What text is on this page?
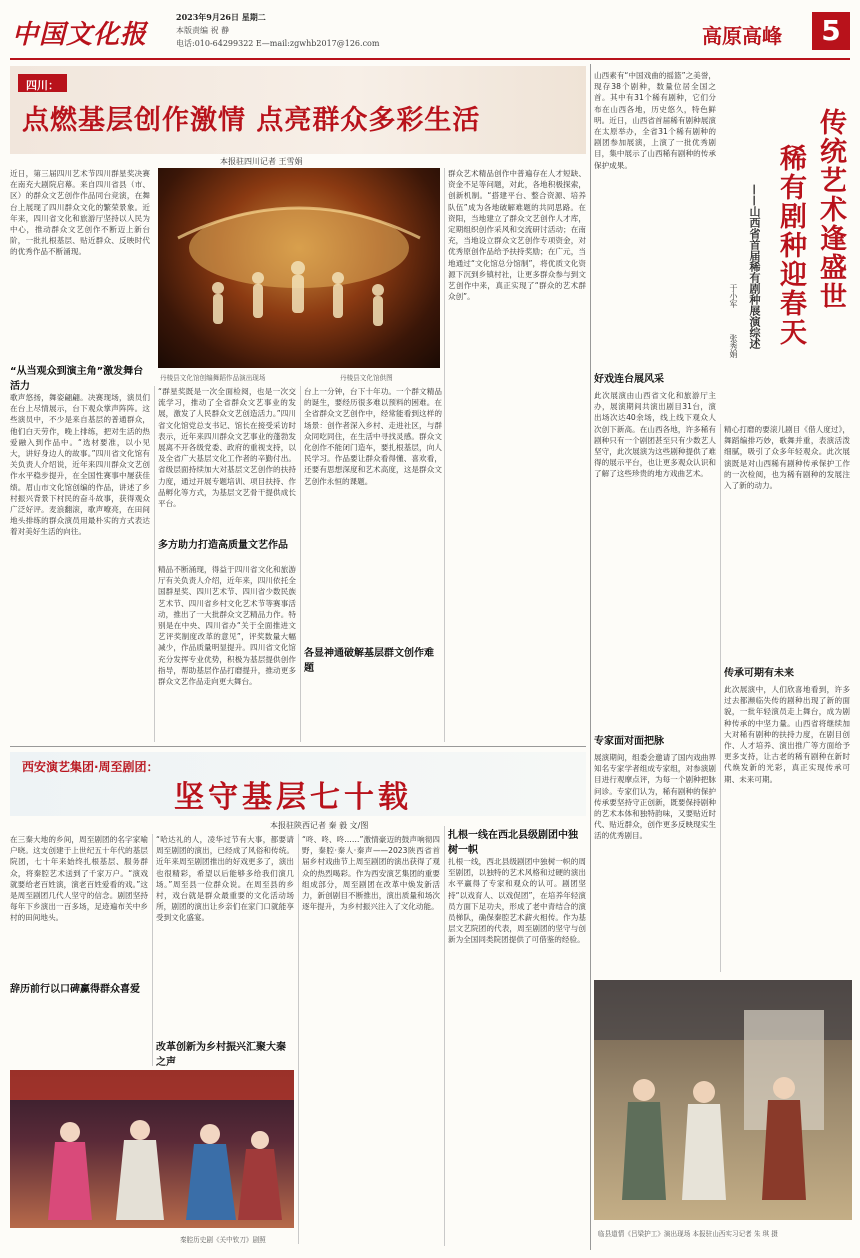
中国文化报
2023年9月26日 星期二
本版责编 祝 静
电话:010-64299322 E—mail:zgwhb2017@126.com	高原高峰	5
四川：
点燃基层创作激情 点亮群众多彩生活
本报驻四川记者 王雪娟
近日，第三届四川艺术节四川群星奖决赛在南充大剧院启幕。来自四川省县（市、区）的群众文艺创作作品同台竞演，在舞台上展现了四川群众文化的繁荣景象。近年来，四川省文化和旅游厅坚持以人民为中心，推动群众文艺创作不断迈上新台阶，一批扎根基层、贴近群众、反映时代的优秀作品不断涌现。
丹棱县文化馆创编舞蹈作品演出现场	丹棱县文化馆供图
群众艺术精品创作中普遍存在人才短缺、资金不足等问题，对此，各地积极探索，创新机制。“搭建平台、整合资源、培养队伍”成为各地破解难题的共同思路。在资阳，当地建立了群众文艺创作人才库，定期组织创作采风和交流研讨活动；在南充，当地设立群众文艺创作专项资金，对优秀原创作品给予扶持奖励；在广元，当地通过“文化馆总分馆制”，将优质文化资源下沉到乡镇村社，让更多群众参与到文艺创作中来，真正实现了“群众的艺术群众创”。
“从当观众到演主角”激发舞台活力
歌声悠扬，舞姿翩翩。决赛现场，演员们在台上尽情展示，台下观众掌声阵阵。这些演员中，不少是来自基层的普通群众，他们白天劳作，晚上排练，把对生活的热爱融入到作品中。“选材要准，以小见大，讲好身边人的故事。”四川省文化馆有关负责人介绍说，近年来四川群众文艺创作水平稳步提升，在全国性赛事中屡获佳绩。眉山市文化馆创编的作品，讲述了乡村振兴背景下村民的奋斗故事，获得观众广泛好评。麦浪翻滚，歌声嘹亮，在田间地头排练的群众演员用最朴实的方式表达着对美好生活的向往。
“群星奖既是一次全面检阅，也是一次交流学习，推动了全省群众文艺事业的发展，激发了人民群众文艺创造活力。”四川省文化馆党总支书记、馆长在接受采访时表示，近年来四川群众文艺事业的蓬勃发展离不开各级党委、政府的重视支持，以及全省广大基层文化工作者的辛勤付出。省级层面持续加大对基层文艺创作的扶持力度，通过开展专题培训、项目扶持、作品孵化等方式，为基层文艺骨干提供成长平台。
多方助力打造高质量文艺作品
精品不断涌现，得益于四川省文化和旅游厅有关负责人介绍，近年来，四川依托全国群星奖、四川艺术节、四川省少数民族艺术节、四川省乡村文化艺术节等赛事活动，推出了一大批群众文艺精品力作。特别是在中央、四川省办“关于全面推进文艺评奖制度改革的意见”，评奖数量大幅减少，作品质量明显提升。四川省文化馆充分发挥专业优势，积极为基层提供创作指导，帮助基层作品打磨提升，推动更多群众文艺作品走向更大舞台。
台上一分钟，台下十年功。一个群文精品的诞生，要经历很多难以预料的困难。在全省群众文艺创作中，经常能看到这样的场景：创作者深入乡村、走进社区，与群众同吃同住，在生活中寻找灵感。群众文化创作不能闭门造车，要扎根基层，向人民学习。作品要让群众看得懂、喜欢看，还要有思想深度和艺术高度，这是群众文艺创作永恒的课题。
各显神通破解基层群文创作难题
西安演艺集团·周至剧团：
坚守基层七十载
本报驻陕西记者 秦 毅 文/图
在三秦大地的乡间，周至剧团的名字家喻户晓。这支创建于上世纪五十年代的基层院团，七十年来始终扎根基层、服务群众，将秦腔艺术送到了千家万户。“演戏就要给老百姓演，演老百姓爱看的戏。”这是周至剧团几代人坚守的信念。剧团坚持每年下乡演出一百多场，足迹遍布关中乡村的田间地头。
辞历前行以口碑赢得群众喜爱
“哈达礼的人，凌华过节有大事，都要请周至剧团的演出，已经成了风俗和传统。近年来周至剧团推出的好戏更多了，演出也很精彩，希望以后能够多给我们演几场。”周至县一位群众说。在周至县的乡村，戏台就是群众最重要的文化活动场所，剧团的演出让乡亲们在家门口就能享受到文化盛宴。
改革创新为乡村振兴汇聚大秦之声
“咚、咚、咚……”激情豪迈的鼓声响彻四野，秦腔·秦人·秦声——2023陕西省首届乡村戏曲节上周至剧团的演出获得了观众的热烈喝彩。作为西安演艺集团的重要组成部分，周至剧团在改革中焕发新活力，新创剧目不断推出，演出质量和场次逐年提升，为乡村振兴注入了文化动能。
扎根一线在西北县级剧团中独树一帜
扎根一线，西北县级剧团中独树一帜的周至剧团，以独特的艺术风格和过硬的演出水平赢得了专家和观众的认可。剧团坚持“以戏育人、以戏促团”，在培养年轻演员方面下足功夫，形成了老中青结合的演员梯队，确保秦腔艺术薪火相传。作为基层文艺院团的代表，周至剧团的坚守与创新为全国同类院团提供了可借鉴的经验。
秦腔历史剧《关中钦刀》剧照
山西素有“中国戏曲的摇篮”之美誉，现存38个剧种，数量位居全国之首。其中有31个稀有剧种，它们分布在山西各地，历史悠久，特色鲜明。近日，山西省首届稀有剧种展演在太原举办，全省31个稀有剧种的剧团参加展演，上演了一批优秀剧目，集中展示了山西稀有剧种的传承保护成果。
好戏连台展风采
此次展演由山西省文化和旅游厅主办，展演期间共演出剧目31台，演出场次达40余场，线上线下观众人次创下新高。在山西各地，许多稀有剧种只有一个剧团甚至只有少数艺人坚守，此次展演为这些剧种提供了难得的展示平台，也让更多观众认识和了解了这些珍贵的地方戏曲艺术。
专家面对面把脉
展演期间，组委会邀请了国内戏曲界知名专家学者组成专家组，对参演剧目进行观摩点评，为每一个剧种把脉问诊。专家们认为，稀有剧种的保护传承要坚持守正创新，既要保持剧种的艺术本体和独特韵味，又要贴近时代、贴近群众，创作更多反映现实生活的优秀剧目。
传统艺术逢盛世
稀有剧种迎春天
——山西省首届稀有剧种展演综述
于小军
张秀娟
精心打磨的要滚儿剧目《借人度过》，舞蹈编排巧妙，歌舞并重，表演活泼细腻，吸引了众多年轻观众。此次展演既是对山西稀有剧种传承保护工作的一次检阅，也为稀有剧种的发展注入了新的动力。
传承可期有未来
此次展演中，人们欣喜地看到，许多过去都濒临失传的剧种出现了新的面貌，一批年轻演员走上舞台，成为剧种传承的中坚力量。山西省将继续加大对稀有剧种的扶持力度，在剧目创作、人才培养、演出推广等方面给予更多支持，让古老的稀有剧种在新时代焕发新的光彩，真正实现传承可期、未来可期。
临县道情《吕梁护工》演出现场 本报驻山西实习记者 朱 琪 摄
